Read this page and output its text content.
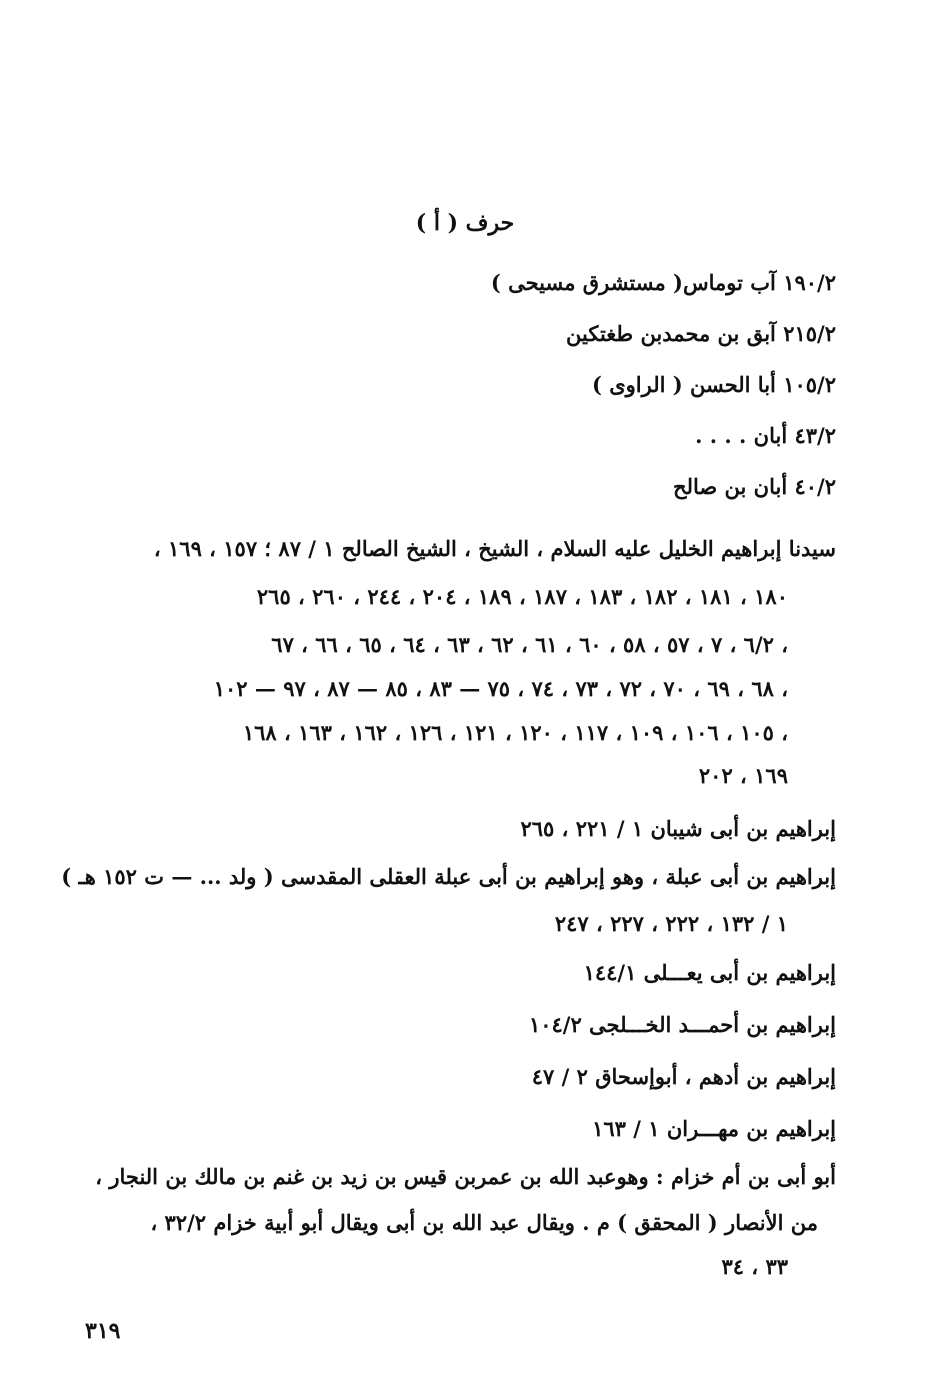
حرف ( أ )
آب توماس( مستشرق مسيحى ) ١٩٠/٢
آبق بن محمدبن طغتكين ٢١٥/٢
أبا الحسن ( الراوى ) ١٠٥/٢
أبان . . . . ٤٣/٢
أبان بن صالح ٤٠/٢
سيدنا إبراهيم الخليل عليه السلام ، الشيخ ، الشيخ الصالح ١ / ٨٧ ؛ ١٥٧ ، ١٦٩ ،
١٨٠ ، ١٨١ ، ١٨٢ ، ١٨٣ ، ١٨٧ ، ١٨٩ ، ٢٠٤ ، ٢٤٤ ، ٢٦٠ ، ٢٦٥
٦/٢ ، ٧ ، ٥٧ ، ٥٨ ، ٦٠ ، ٦١ ، ٦٢ ، ٦٣ ، ٦٤ ، ٦٥ ، ٦٦ ، ٦٧ ،
٦٨ ، ٦٩ ، ٧٠ ، ٧٢ ، ٧٣ ، ٧٤ ، ٧٥ — ٨٣ ، ٨٥ — ٨٧ ، ٩٧ — ١٠٢ ،
١٠٥ ، ١٠٦ ، ١٠٩ ، ١١٧ ، ١٢٠ ، ١٢١ ، ١٢٦ ، ١٦٢ ، ١٦٣ ، ١٦٨ ،
١٦٩ ، ٢٠٢
إبراهيم بن أبى شيبان ١ / ٢٢١ ، ٢٦٥
إبراهيم بن أبى عبلة ، وهو إبراهيم بن أبى عبلة العقلى المقدسى ( ولد ... — ت ١٥٢ هـ )
١ / ١٣٢ ، ٢٢٢ ، ٢٢٧ ، ٢٤٧
إبراهيم بن أبى يعـــلى ١٤٤/١
إبراهيم بن أحمـــد الخـــلجى ١٠٤/٢
إبراهيم بن أدهم ، أبوإسحاق ٢ / ٤٧
إبراهيم بن مهـــران ١ / ١٦٣
أبو أبى بن أم خزام : وهوعبد الله بن عمربن قيس بن زيد بن غنم بن مالك بن النجار ،
من الأنصار ( المحقق ) م . ويقال عبد الله بن أبى ويقال أبو أبية خزام ٣٢/٢ ،
٣٣ ، ٣٤
٣١٩
